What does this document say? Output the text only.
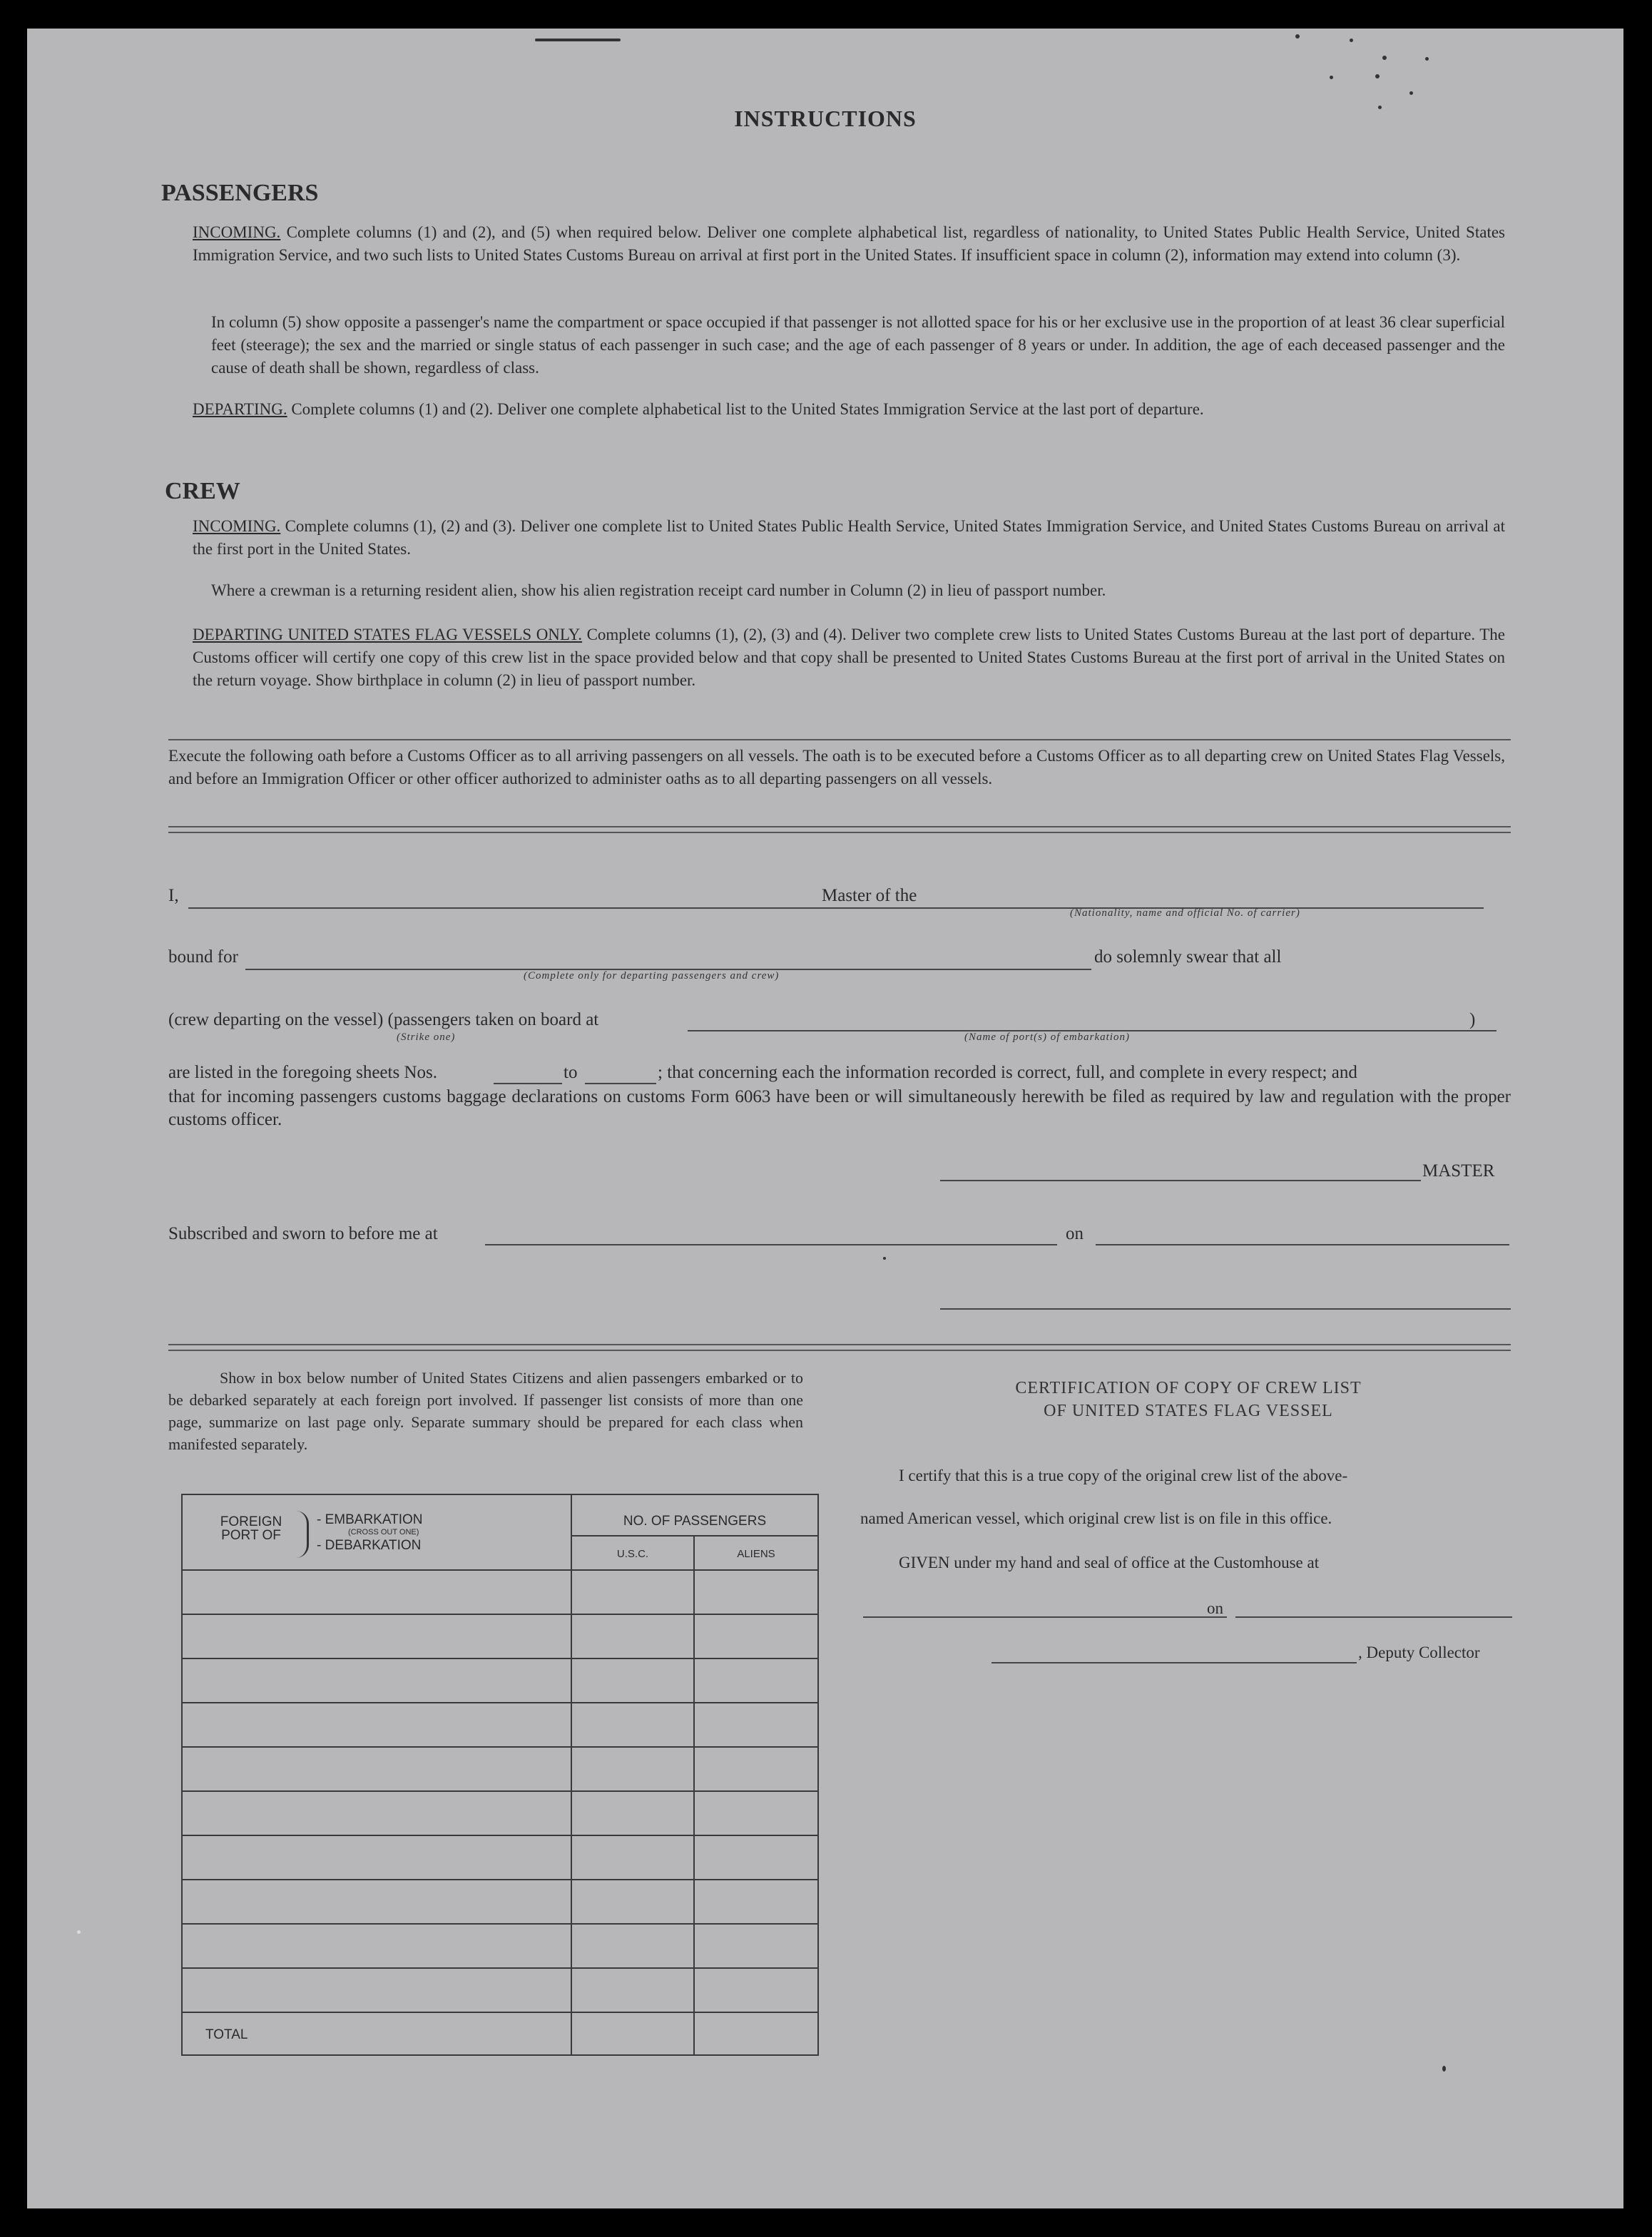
INSTRUCTIONS
PASSENGERS
INCOMING. Complete columns (1) and (2), and (5) when required below. Deliver one complete alphabetical list, regardless of nationality, to United States Public Health Service, United States Immigration Service, and two such lists to United States Customs Bureau on arrival at first port in the United States. If insufficient space in column (2), information may extend into column (3).
In column (5) show opposite a passenger's name the compartment or space occupied if that passenger is not allotted space for his or her exclusive use in the proportion of at least 36 clear superficial feet (steerage); the sex and the married or single status of each passenger in such case; and the age of each passenger of 8 years or under. In addition, the age of each deceased passenger and the cause of death shall be shown, regardless of class.
DEPARTING. Complete columns (1) and (2). Deliver one complete alphabetical list to the United States Immigration Service at the last port of departure.
CREW
INCOMING. Complete columns (1), (2) and (3). Deliver one complete list to United States Public Health Service, United States Immigration Service, and United States Customs Bureau on arrival at the first port in the United States.
Where a crewman is a returning resident alien, show his alien registration receipt card number in Column (2) in lieu of passport number.
DEPARTING UNITED STATES FLAG VESSELS ONLY. Complete columns (1), (2), (3) and (4). Deliver two complete crew lists to United States Customs Bureau at the last port of departure. The Customs officer will certify one copy of this crew list in the space provided below and that copy shall be presented to United States Customs Bureau at the first port of arrival in the United States on the return voyage. Show birthplace in column (2) in lieu of passport number.
Execute the following oath before a Customs Officer as to all arriving passengers on all vessels. The oath is to be executed before a Customs Officer as to all departing crew on United States Flag Vessels, and before an Immigration Officer or other officer authorized to administer oaths as to all departing passengers on all vessels.
I,	Master of the
(Nationality, name and official No. of carrier)
bound for
(Complete only for departing passengers and crew)
do solemnly swear that all
(crew departing on the vessel) (passengers taken on board at
(Strike one)	(Name of port(s) of embarkation)
)
are listed in the foregoing sheets Nos.	to	; that concerning each the information recorded is correct, full, and complete in every respect; and
that for incoming passengers customs baggage declarations on customs Form 6063 have been or will simultaneously herewith be filed as required by law and regulation with the proper customs officer.
MASTER
Subscribed and sworn to before me at	on
Show in box below number of United States Citizens and alien passengers embarked or to be debarked separately at each foreign port involved. If passenger list consists of more than one page, summarize on last page only. Separate summary should be prepared for each class when manifested separately.
FOREIGN PORT OF
- EMBARKATION
(CROSS OUT ONE)
- DEBARKATION
NO. OF PASSENGERS
U.S.C.	ALIENS
TOTAL
CERTIFICATION OF COPY OF CREW LIST
OF UNITED STATES FLAG VESSEL
I certify that this is a true copy of the original crew list of the above-
named American vessel, which original crew list is on file in this office.
GIVEN under my hand and seal of office at the Customhouse at
on
, Deputy Collector
